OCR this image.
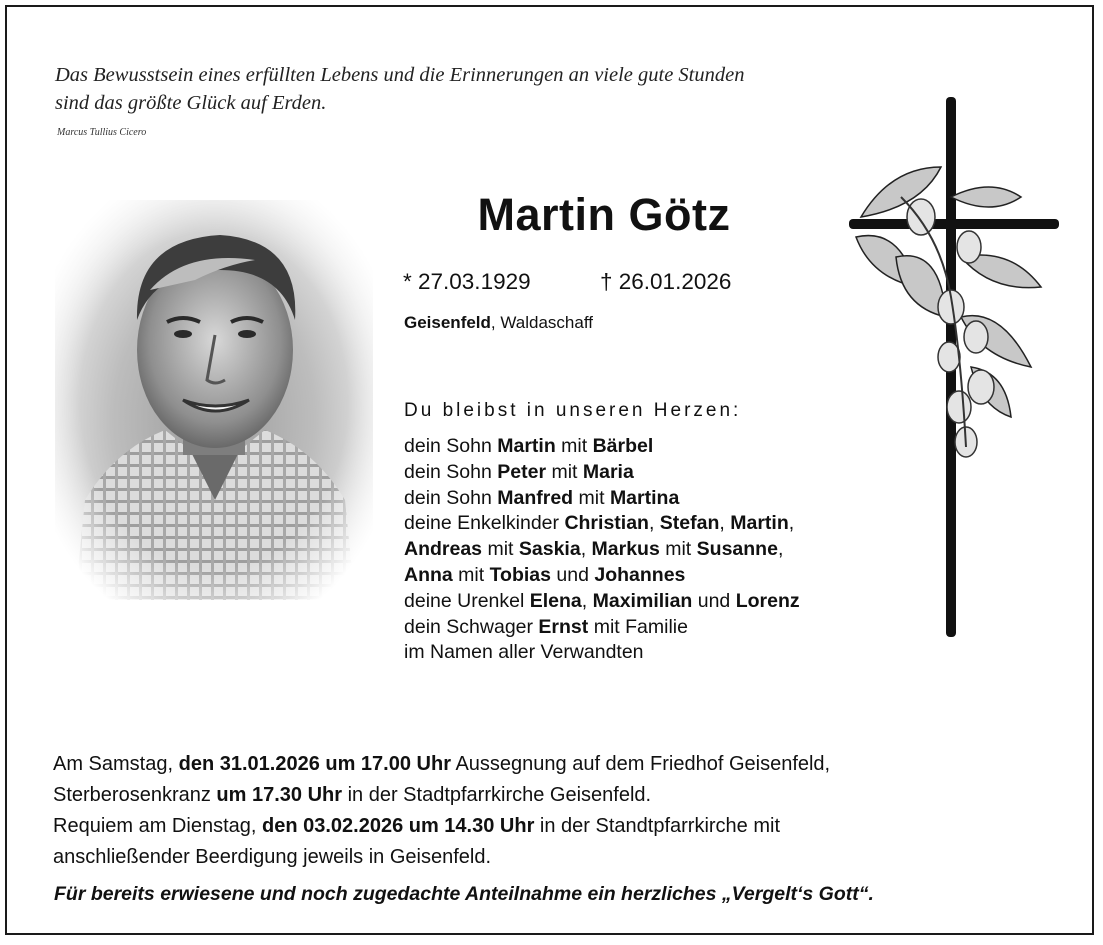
Das Bewusstsein eines erfüllten Lebens und die Erinnerungen an viele gute Stunden
sind das größte Glück auf Erden.
Marcus Tullius Cicero
Martin Götz
* 27.03.1929	† 26.01.2026
Geisenfeld, Waldaschaff
Du bleibst in unseren Herzen:
dein Sohn Martin mit Bärbel
dein Sohn Peter mit Maria
dein Sohn Manfred mit Martina
deine Enkelkinder Christian, Stefan, Martin,
Andreas mit Saskia, Markus mit Susanne,
Anna mit Tobias und Johannes
deine Urenkel Elena, Maximilian und Lorenz
dein Schwager Ernst mit Familie
im Namen aller Verwandten
Am Samstag, den 31.01.2026 um 17.00 Uhr Aussegnung auf dem Friedhof Geisenfeld,
Sterberosenkranz um 17.30 Uhr in der Stadtpfarrkirche Geisenfeld.
Requiem am Dienstag, den 03.02.2026 um 14.30 Uhr in der Standtpfarrkirche mit
anschließender Beerdigung jeweils in Geisenfeld.
Für bereits erwiesene und noch zugedachte Anteilnahme ein herzliches „Vergelt‘s Gott“.
